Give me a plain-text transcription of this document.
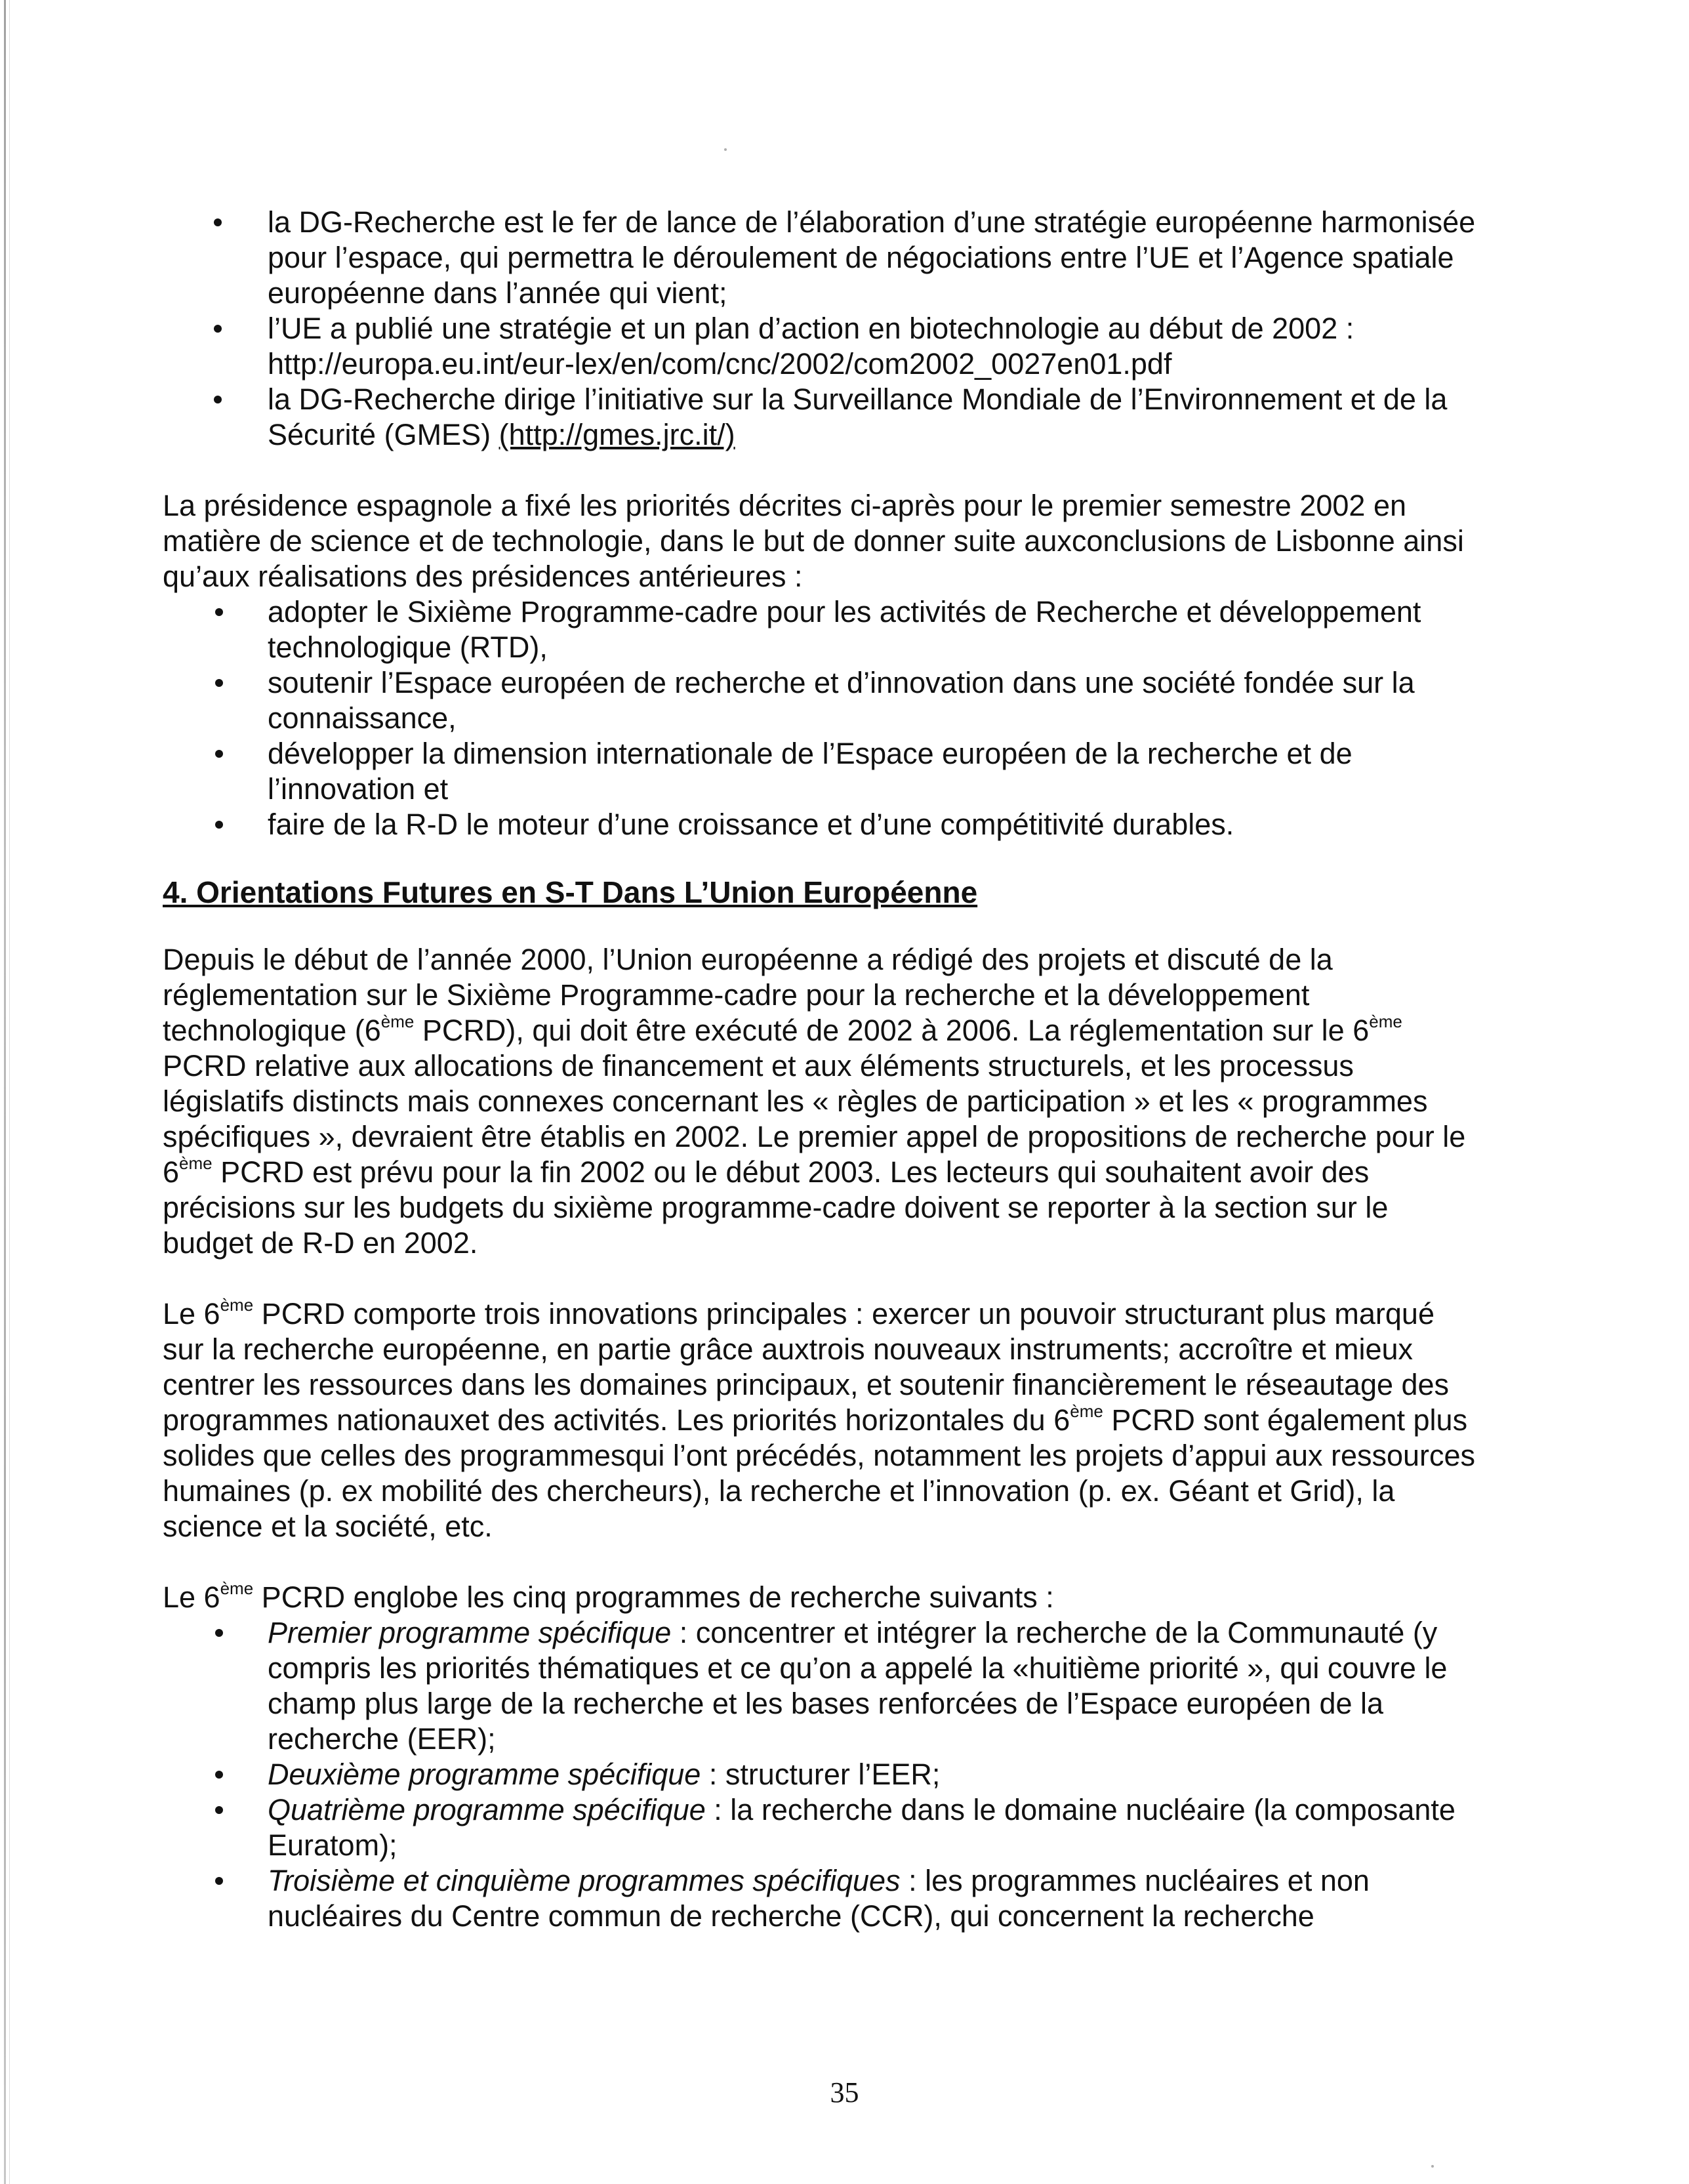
la DG-Recherche est le fer de lance de l’élaboration d’une stratégie européenne harmonisée pour l’espace, qui permettra le déroulement de négociations entre l’UE et l’Agence spatiale européenne dans l’année qui vient;
l’UE a publié une stratégie et un plan d’action en biotechnologie au début de 2002 : http://europa.eu.int/eur-lex/en/com/cnc/2002/com2002_0027en01.pdf
la DG-Recherche dirige l’initiative sur la Surveillance Mondiale de l’Environnement et de la Sécurité (GMES) (http://gmes.jrc.it/)

La présidence espagnole a fixé les priorités décrites ci-après pour le premier semestre 2002 en matière de science et de technologie, dans le but de donner suite auxconclusions de Lisbonne ainsi qu’aux réalisations des présidences antérieures :

adopter le Sixième Programme-cadre pour les activités de Recherche et développement technologique (RTD),
soutenir l’Espace européen de recherche et d’innovation dans une société fondée sur la connaissance,
développer la dimension internationale de l’Espace européen de la recherche et de l’innovation et
faire de la R-D le moteur d’une croissance et d’une compétitivité durables.

4. Orientations Futures en S-T Dans L’Union Européenne

Depuis le début de l’année 2000, l’Union européenne a rédigé des projets et discuté de la réglementation sur le Sixième Programme-cadre pour la recherche et la développement technologique (6ème PCRD), qui doit être exécuté de 2002 à 2006. La réglementation sur le 6ème PCRD relative aux allocations de financement et aux éléments structurels, et les processus législatifs distincts mais connexes concernant les « règles de participation » et les « programmes spécifiques », devraient être établis en 2002. Le premier appel de propositions de recherche pour le 6ème PCRD est prévu pour la fin 2002 ou le début 2003. Les lecteurs qui souhaitent avoir des précisions sur les budgets du sixième programme-cadre doivent se reporter à la section sur le budget de R-D en 2002.

Le 6ème PCRD comporte trois innovations principales : exercer un pouvoir structurant plus marqué sur la recherche européenne, en partie grâce auxtrois nouveaux instruments; accroître et mieux centrer les ressources dans les domaines principaux, et soutenir financièrement le réseautage des programmes nationauxet des activités. Les priorités horizontales du 6ème PCRD sont également plus solides que celles des programmesqui l’ont précédés, notamment les projets d’appui aux ressources humaines (p. ex mobilité des chercheurs), la recherche et l’innovation (p. ex. Géant et Grid), la science et la société, etc.

Le 6ème PCRD englobe les cinq programmes de recherche suivants :

Premier programme spécifique : concentrer et intégrer la recherche de la Communauté (y compris les priorités thématiques et ce qu’on a appelé la «huitième priorité », qui couvre le champ plus large de la recherche et les bases renforcées de l’Espace européen de la recherche (EER);
Deuxième programme spécifique : structurer l’EER;
Quatrième programme spécifique : la recherche dans le domaine nucléaire (la composante Euratom);
Troisième et cinquième programmes spécifiques : les programmes nucléaires et non nucléaires du Centre commun de recherche (CCR), qui concernent la recherche
35
